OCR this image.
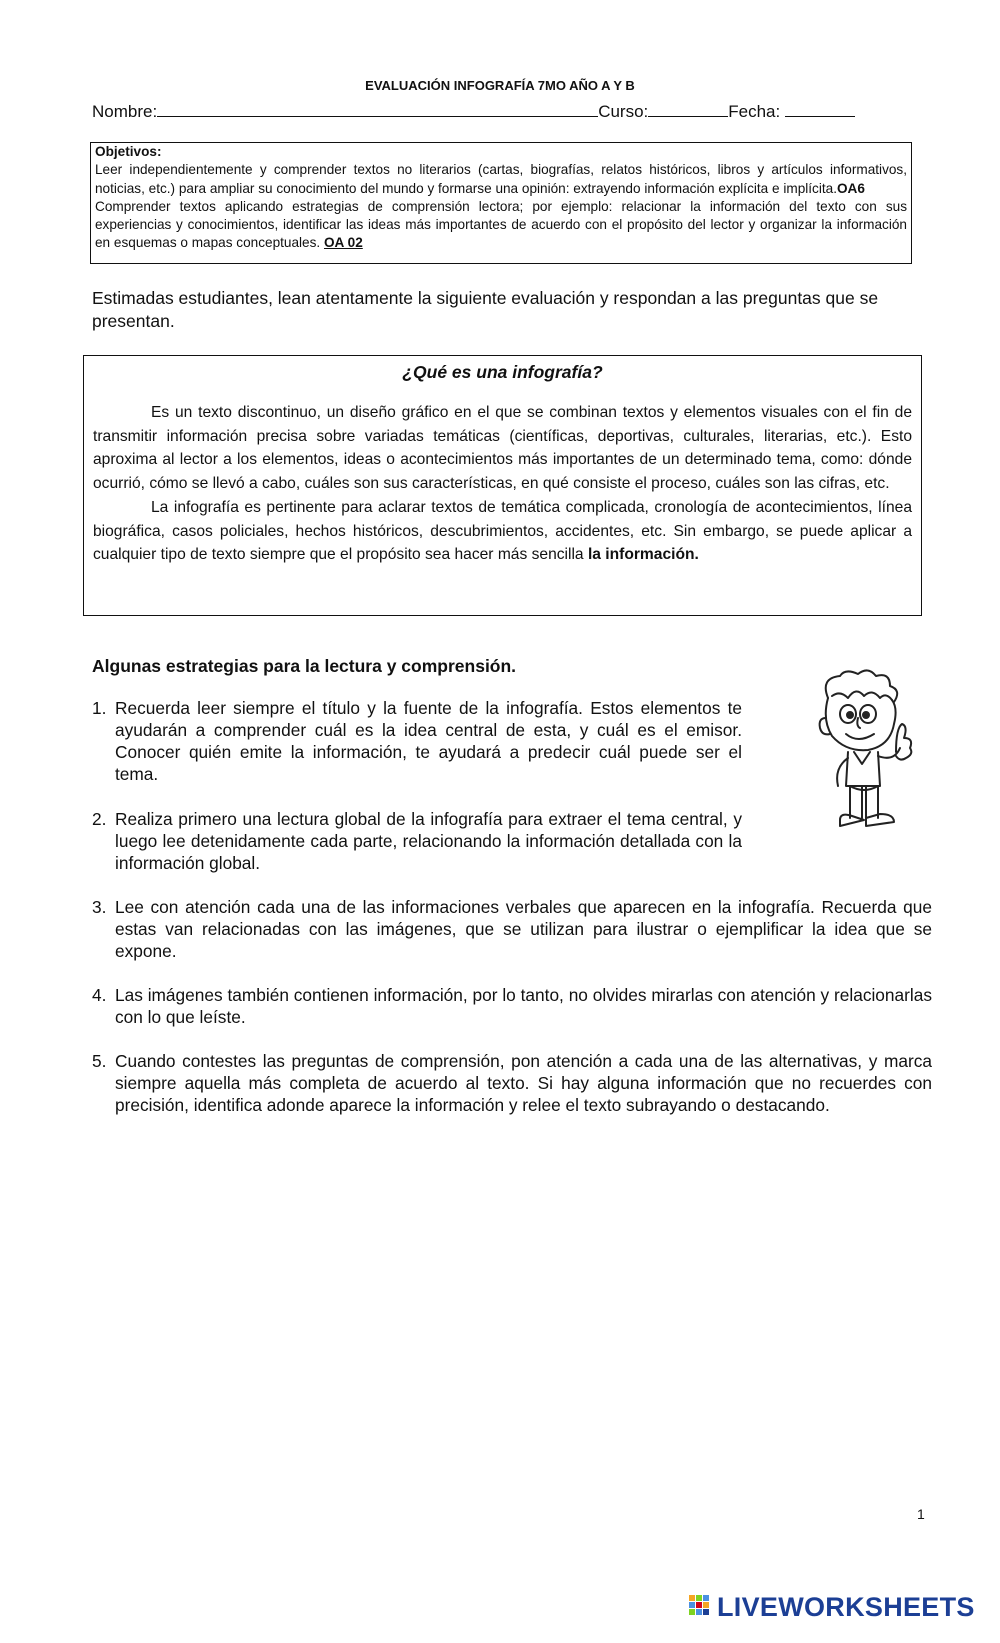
EVALUACIÓN INFOGRAFÍA 7MO AÑO A Y B
Nombre:	Curso:	Fecha:
Objetivos:

Leer independientemente y comprender textos no literarios (cartas, biografías, relatos históricos, libros y artículos informativos, noticias, etc.) para ampliar su conocimiento del mundo y formarse una opinión: extrayendo información explícita e implícita.OA6

Comprender textos aplicando estrategias de comprensión lectora; por ejemplo: relacionar la información del texto con sus experiencias y conocimientos, identificar las ideas más importantes de acuerdo con el propósito del lector y organizar la información en esquemas o mapas conceptuales. OA 02

Estimadas estudiantes, lean atentamente la siguiente evaluación y respondan a las preguntas que se presentan.
¿Qué es una infografía?

Es un texto discontinuo, un diseño gráfico en el que se combinan textos y elementos visuales con el fin de transmitir información precisa sobre variadas temáticas (científicas, deportivas, culturales, literarias, etc.). Esto aproxima al lector a los elementos, ideas o acontecimientos más importantes de un determinado tema, como: dónde ocurrió, cómo se llevó a cabo, cuáles son sus características, en qué consiste el proceso, cuáles son las cifras, etc.

La infografía es pertinente para aclarar textos de temática complicada, cronología de acontecimientos, línea biográfica, casos policiales, hechos históricos, descubrimientos, accidentes, etc. Sin embargo, se puede aplicar a cualquier tipo de texto siempre que el propósito sea hacer más sencilla la información.

Algunas estrategias para la lectura y comprensión.
1. Recuerda leer siempre el título y la fuente de la infografía. Estos elementos te ayudarán a comprender cuál es la idea central de esta, y cuál es el emisor. Conocer quién emite la información, te ayudará a predecir cuál puede ser el tema.
2. Realiza primero una lectura global de la infografía para extraer el tema central, y luego lee detenidamente cada parte, relacionando la información detallada con la información global.
3. Lee con atención cada una de las informaciones verbales que aparecen en la infografía. Recuerda que estas van relacionadas con las imágenes, que se utilizan para ilustrar o ejemplificar la idea que se expone.
4. Las imágenes también contienen información, por lo tanto, no olvides mirarlas con atención y relacionarlas con lo que leíste.
5. Cuando contestes las preguntas de comprensión, pon atención a cada una de las alternativas, y marca siempre aquella más completa de acuerdo al texto. Si hay alguna información que no recuerdes con precisión, identifica adonde aparece la información y relee el texto subrayando o destacando.
1
LIVEWORKSHEETS
